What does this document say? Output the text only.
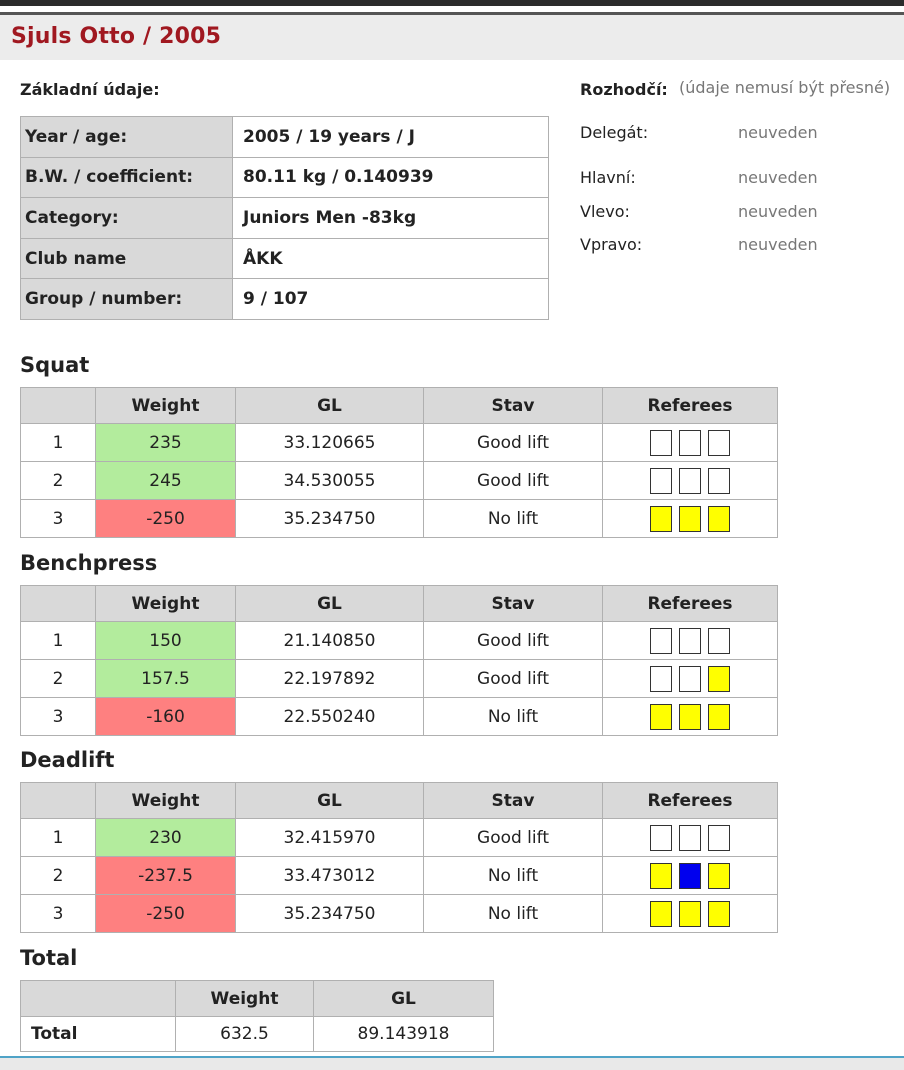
Sjuls Otto / 2005
Základní údaje:
Year / age:	2005 / 19 years / J
B.W. / coefficient:	80.11 kg / 0.140939
Category:	Juniors Men -83kg
Club name	ÅKK
Group / number:	9 / 107
Rozhodčí: (údaje nemusí být přesné)
Delegát:	neuveden
Hlavní:	neuveden
Vlevo:	neuveden
Vpravo:	neuveden
Squat
	Weight	GL	Stav	Referees
1	235	33.120665	Good lift	

2	245	34.530055	Good lift	

3	-250	35.234750	No lift	
Benchpress
	Weight	GL	Stav	Referees
1	150	21.140850	Good lift	

2	157.5	22.197892	Good lift	

3	-160	22.550240	No lift	
Deadlift
	Weight	GL	Stav	Referees
1	230	32.415970	Good lift	

2	-237.5	33.473012	No lift	

3	-250	35.234750	No lift	
Total
	Weight	GL
Total	632.5	89.143918
